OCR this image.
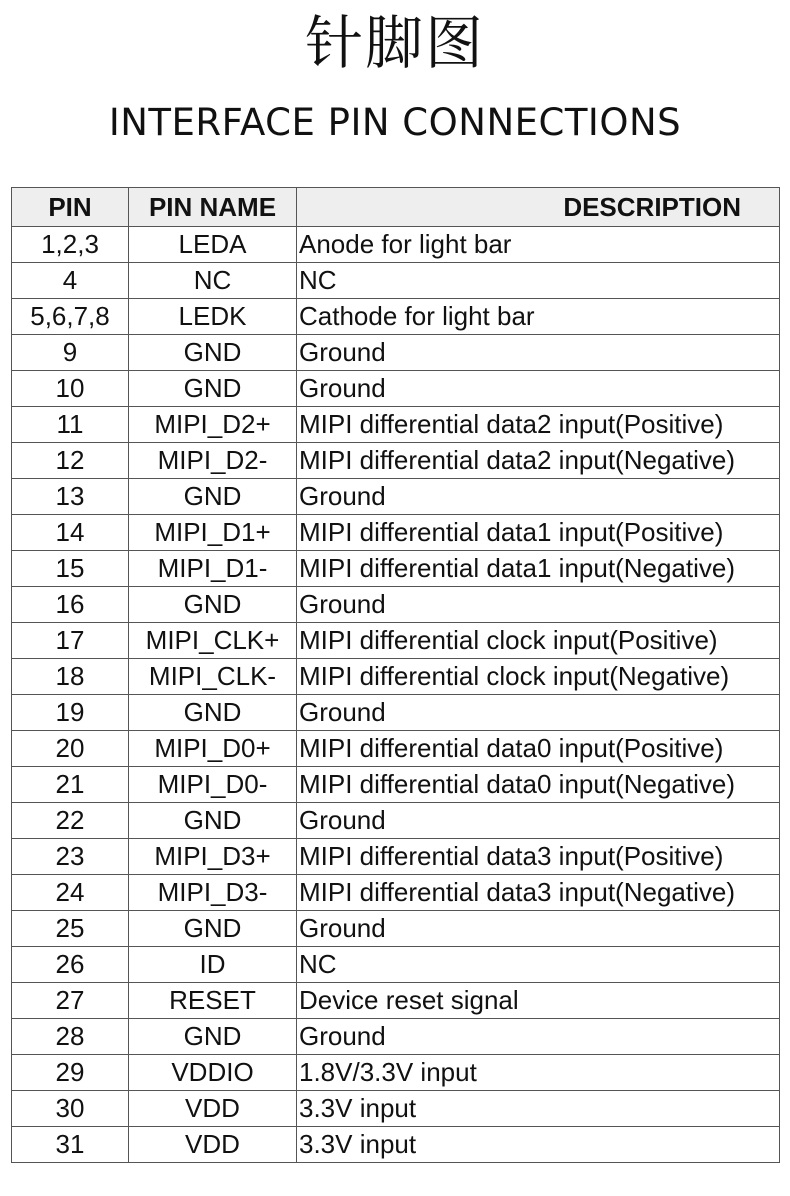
针脚图
INTERFACE PIN CONNECTIONS
PIN	PIN NAME	DESCRIPTION
1,2,3	LEDA	Anode for light bar
4	NC	NC
5,6,7,8	LEDK	Cathode for light bar
9	GND	Ground
10	GND	Ground
11	MIPI_D2+	MIPI differential data2 input(Positive)
12	MIPI_D2-	MIPI differential data2 input(Negative)
13	GND	Ground
14	MIPI_D1+	MIPI differential data1 input(Positive)
15	MIPI_D1-	MIPI differential data1 input(Negative)
16	GND	Ground
17	MIPI_CLK+	MIPI differential clock input(Positive)
18	MIPI_CLK-	MIPI differential clock input(Negative)
19	GND	Ground
20	MIPI_D0+	MIPI differential data0 input(Positive)
21	MIPI_D0-	MIPI differential data0 input(Negative)
22	GND	Ground
23	MIPI_D3+	MIPI differential data3 input(Positive)
24	MIPI_D3-	MIPI differential data3 input(Negative)
25	GND	Ground
26	ID	NC
27	RESET	Device reset signal
28	GND	Ground
29	VDDIO	1.8V/3.3V input
30	VDD	3.3V input
31	VDD	3.3V input
